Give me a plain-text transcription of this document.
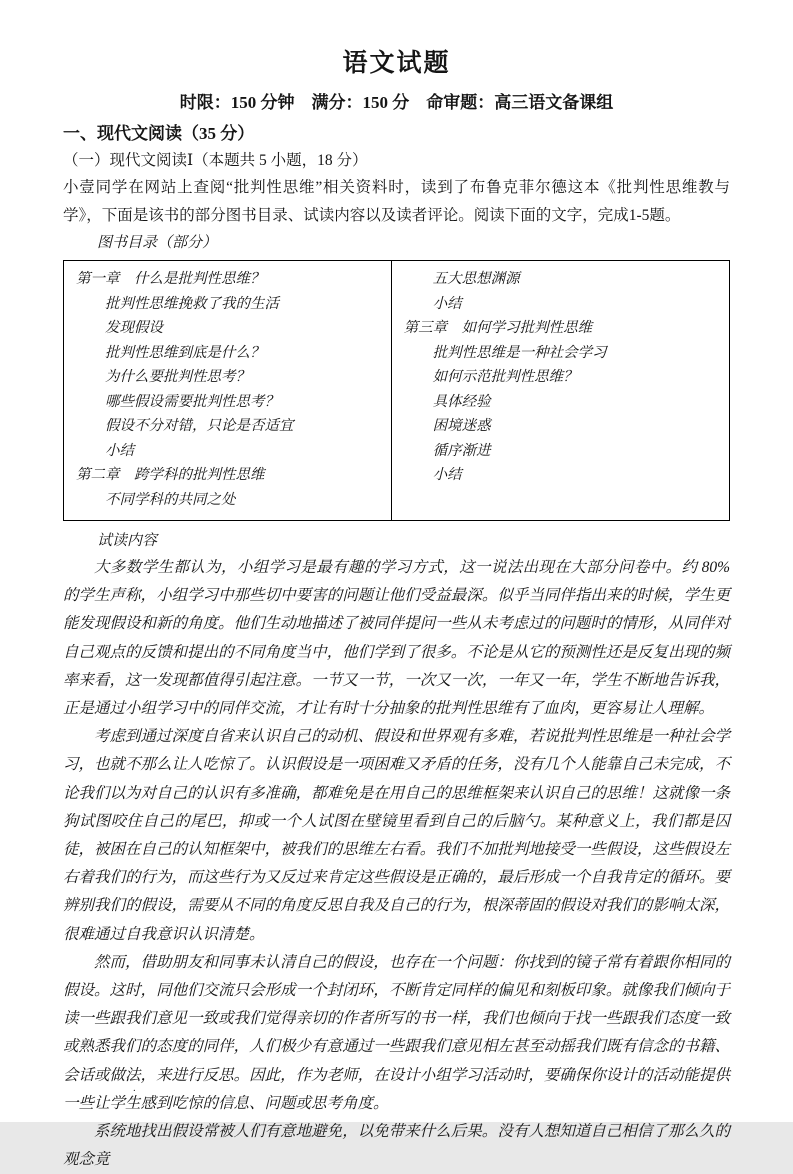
语文试题

时限：150 分钟　满分：150 分　命审题：高三语文备课组

一、现代文阅读（35 分）

（一）现代文阅读Ⅰ（本题共 5 小题，18 分）

小壹同学在网站上查阅“批判性思维”相关资料时，读到了布鲁克菲尔德这本《批判性思维教与学》，下面是该书的部分图书目录、试读内容以及读者评论。阅读下面的文字，完成1-5题。

图书目录（部分）

第一章　什么是批判性思维？
　　批判性思维挽救了我的生活
　　发现假设
　　批判性思维到底是什么？
　　为什么要批判性思考？
　　哪些假设需要批判性思考？
　　假设不分对错，只论是否适宜
　　小结
第二章　跨学科的批判性思维
　　不同学科的共同之处

　　五大思想渊源
　　小结
第三章　如何学习批判性思维
　　批判性思维是一种社会学习
　　如何示范批判性思维？
　　具体经验
　　困境迷惑
　　循序渐进
　　小结

试读内容

大多数学生都认为，小组学习是最有趣的学习方式，这一说法出现在大部分问卷中。约 80%的学生声称，小组学习中那些切中要害的问题让他们受益最深。似乎当同伴指出来的时候，学生更能发现假设和新的角度。他们生动地描述了被同伴提问一些从未考虑过的问题时的情形，从同伴对自己观点的反馈和提出的不同角度当中，他们学到了很多。不论是从它的预测性还是反复出现的频率来看，这一发现都值得引起注意。一节又一节，一次又一次，一年又一年，学生不断地告诉我，正是通过小组学习中的同伴交流，才让有时十分抽象的批判性思维有了血肉，更容易让人理解。

考虑到通过深度自省来认识自己的动机、假设和世界观有多难，若说批判性思维是一种社会学习，也就不那么让人吃惊了。认识假设是一项困难又矛盾的任务，没有几个人能靠自己未完成，不论我们以为对自己的认识有多准确，都难免是在用自己的思维框架来认识自己的思维！这就像一条狗试图咬住自己的尾巴，抑或一个人试图在壁镜里看到自己的后脑勺。某种意义上，我们都是囚徒，被困在自己的认知框架中，被我们的思维左右看。我们不加批判地接受一些假设，这些假设左右着我们的行为，而这些行为又反过来肯定这些假设是正确的，最后形成一个自我肯定的循环。要辨别我们的假设，需要从不同的角度反思自我及自己的行为，根深蒂固的假设对我们的影响太深，很难通过自我意识认识清楚。

然而，借助朋友和同事未认清自己的假设，也存在一个问题：你找到的镜子常有着跟你相同的假设。这时，同他们交流只会形成一个封闭环，不断肯定同样的偏见和刻板印象。就像我们倾向于读一些跟我们意见一致或我们觉得亲切的作者所写的书一样，我们也倾向于找一些跟我们态度一致或熟悉我们的态度的同伴，人们极少有意通过一些跟我们意见相左甚至动摇我们既有信念的书籍、会话或做法，来进行反思。因此，作为老师，在设计小组学习活动时，要确保你设计的活动能提供一些让学生感到吃惊的信息、问题或思考角度。

系统地找出假设常被人们有意地避免，以免带来什么后果。没有人想知道自己相信了那么久的观念竟

.
